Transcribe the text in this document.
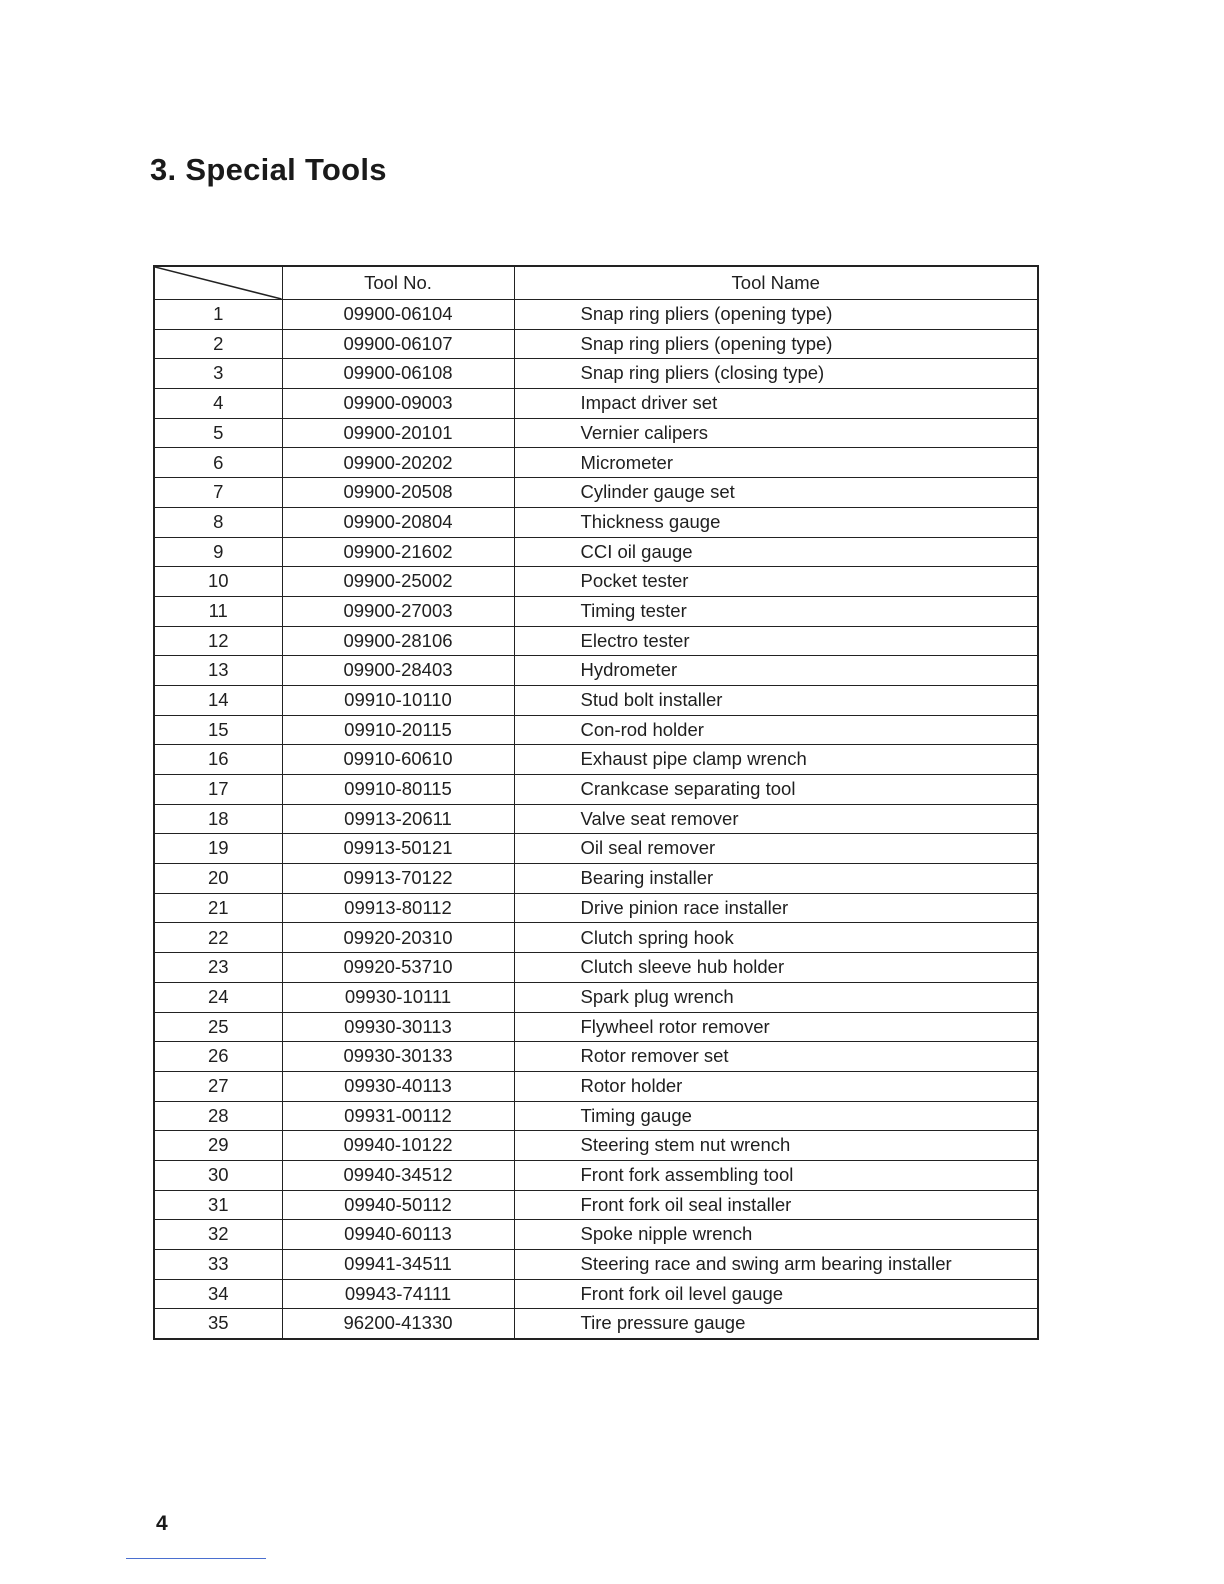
3. Special Tools
	Tool No.	Tool Name
1	09900-06104	Snap ring pliers (opening type)
2	09900-06107	Snap ring pliers (opening type)
3	09900-06108	Snap ring pliers (closing type)
4	09900-09003	Impact driver set
5	09900-20101	Vernier calipers
6	09900-20202	Micrometer
7	09900-20508	Cylinder gauge set
8	09900-20804	Thickness gauge
9	09900-21602	CCI oil gauge
10	09900-25002	Pocket tester
11	09900-27003	Timing tester
12	09900-28106	Electro tester
13	09900-28403	Hydrometer
14	09910-10110	Stud bolt installer
15	09910-20115	Con-rod holder
16	09910-60610	Exhaust pipe clamp wrench
17	09910-80115	Crankcase separating tool
18	09913-20611	Valve seat remover
19	09913-50121	Oil seal remover
20	09913-70122	Bearing installer
21	09913-80112	Drive pinion race installer
22	09920-20310	Clutch spring hook
23	09920-53710	Clutch sleeve hub holder
24	09930-10111	Spark plug wrench
25	09930-30113	Flywheel rotor remover
26	09930-30133	Rotor remover set
27	09930-40113	Rotor holder
28	09931-00112	Timing gauge
29	09940-10122	Steering stem nut wrench
30	09940-34512	Front fork assembling tool
31	09940-50112	Front fork oil seal installer
32	09940-60113	Spoke nipple wrench
33	09941-34511	Steering race and swing arm bearing installer
34	09943-74111	Front fork oil level gauge
35	96200-41330	Tire pressure gauge
4
